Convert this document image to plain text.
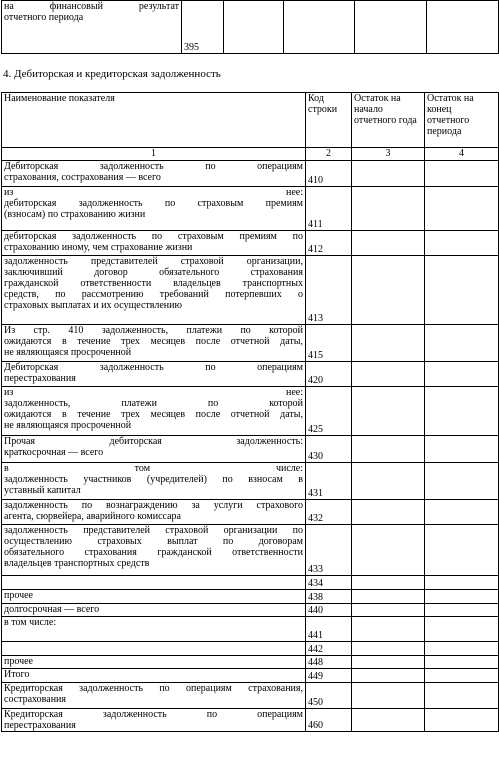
на финансовый результат
отчетного периода
	395				
4. Дебиторская и кредиторская задолженность
Наименование показателя	Код строки	Остаток на начало отчетного года	Остаток на конец отчетного периода
1	2	3	4

Дебиторская задолженность по операциям
страхования, сострахования — всего	410		

из нее:
дебиторская задолженность по страховым премиям
(взносам) по страхованию жизни	411		

дебиторская задолженность по страховым премиям по
страхованию иному, чем страхование жизни	412		

задолженность представителей страховой организации,
заключивший договор обязательного страхования
гражданской ответственности владельцев транспортных
средств, по рассмотрению требований потерпевших о
страховых выплатах и их осуществлению	413		

Из стр. 410 задолженность, платежи по которой
ожидаются в течение трех месяцев после отчетной даты,
не являющаяся просроченной	415		

Дебиторская задолженность по операциям
перестрахования	420		

из нее:
задолженность, платежи по которой
ожидаются в течение трех месяцев после отчетной даты,
не являющаяся просроченной	425		

Прочая дебиторская задолженность:
краткосрочная — всего	430		

в том числе:
задолженность участников (учредителей) по взносам в
уставный капитал	431		

задолженность по вознаграждению за услуги страхового
агента, сюрвейера, аварийного комиссара	432		

задолженность представителей страховой организации по
осуществлению страховых выплат по договорам
обязательного страхования гражданской ответственности
владельцев транспортных средств	433		

	434		

прочее	438		

долгосрочная — всего	440		

в том числе:	441		

	442		

прочее	448		

Итого	449		

Кредиторская задолженность по операциям страхования,
сострахования	450		

Кредиторская задолженность по операциям
перестрахования	460		
